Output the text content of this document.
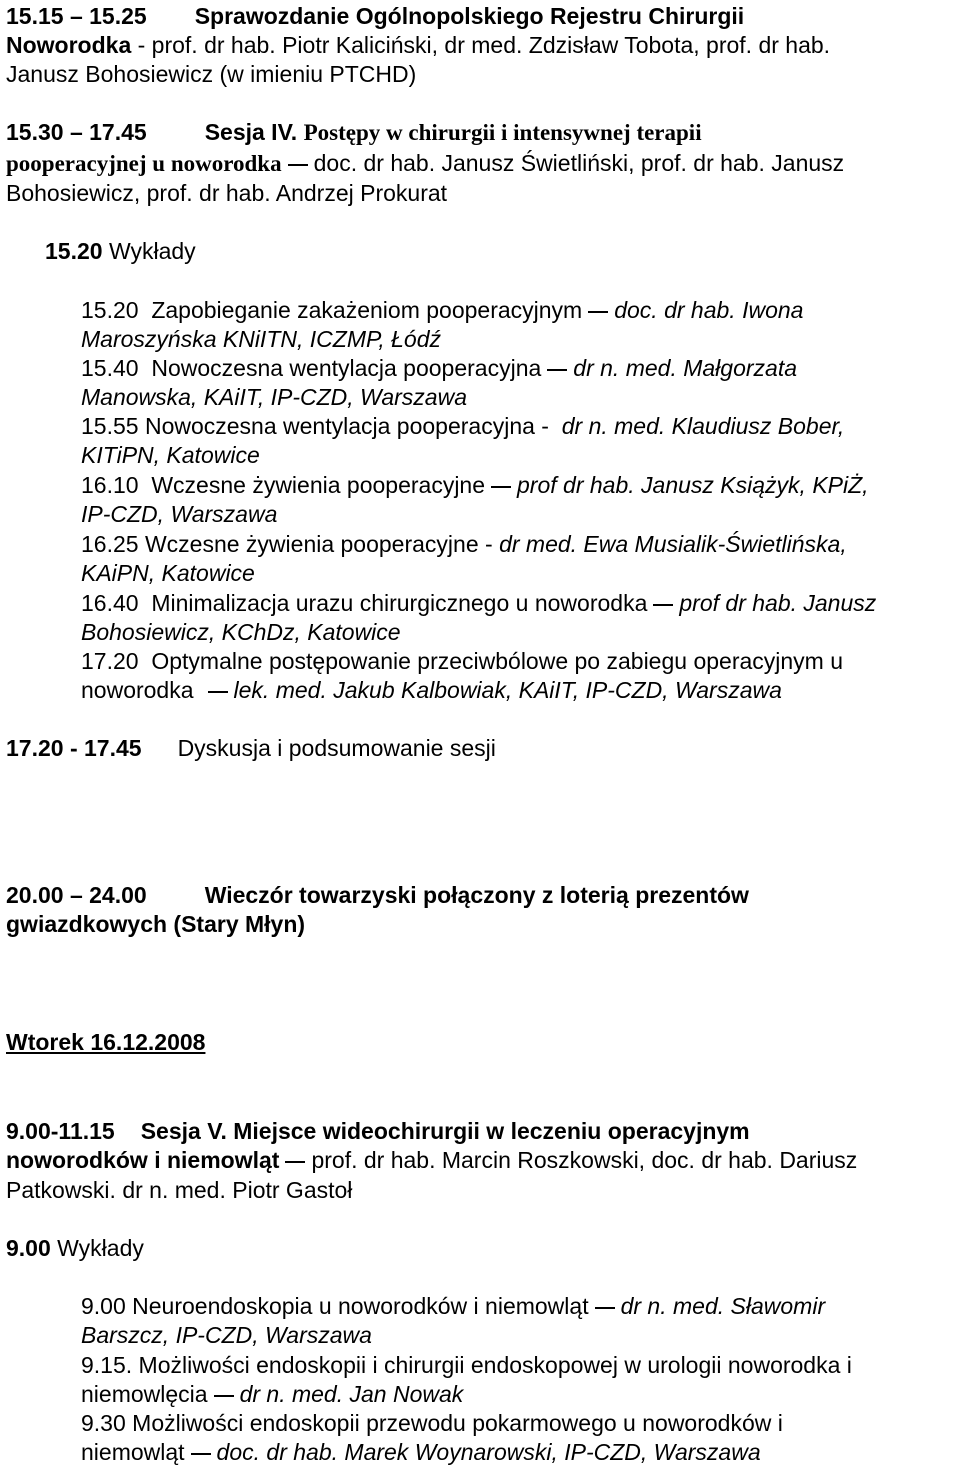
15.15 – 15.25 Sprawozdanie Ogólnopolskiego Rejestru Chirurgii
Noworodka - prof. dr hab. Piotr Kaliciński, dr med. Zdzisław Tobota, prof. dr hab.
Janusz Bohosiewicz (w imieniu PTCHD)
15.30 – 17.45	Sesja IV. Postępy w chirurgii i intensywnej terapii
pooperacyjnej u noworodka doc. dr hab. Janusz Świetliński, prof. dr hab. Janusz
Bohosiewicz, prof. dr hab. Andrzej Prokurat
15.20 Wykłady
15.20 Zapobieganie zakażeniom pooperacyjnym doc. dr hab. Iwona
Maroszyńska KNiITN, ICZMP, Łódź
15.40 Nowoczesna wentylacja pooperacyjna dr n. med. Małgorzata
Manowska, KAiIT, IP-CZD, Warszawa
15.55 Nowoczesna wentylacja pooperacyjna - dr n. med. Klaudiusz Bober,
KITiPN, Katowice
16.10 Wczesne żywienia pooperacyjne prof dr hab. Janusz Książyk, KPiŻ,
IP-CZD, Warszawa
16.25 Wczesne żywienia pooperacyjne - dr med. Ewa Musialik-Świetlińska,
KAiPN, Katowice
16.40 Minimalizacja urazu chirurgicznego u noworodka prof dr hab. Janusz
Bohosiewicz, KChDz, Katowice
17.20 Optymalne postępowanie przeciwbólowe po zabiegu operacyjnym u
noworodka lek. med. Jakub Kalbowiak, KAiIT, IP-CZD, Warszawa
17.20 - 17.45 Dyskusja i podsumowanie sesji
20.00 – 24.00	Wieczór towarzyski połączony z loterią prezentów
gwiazdkowych (Stary Młyn)
Wtorek 16.12.2008
9.00-11.15 Sesja V. Miejsce wideochirurgii w leczeniu operacyjnym
noworodków i niemowląt prof. dr hab. Marcin Roszkowski, doc. dr hab. Dariusz
Patkowski. dr n. med. Piotr Gastoł
9.00 Wykłady
9.00 Neuroendoskopia u noworodków i niemowląt dr n. med. Sławomir
Barszcz, IP-CZD, Warszawa
9.15. Możliwości endoskopii i chirurgii endoskopowej w urologii noworodka i
niemowlęcia dr n. med. Jan Nowak
9.30 Możliwości endoskopii przewodu pokarmowego u noworodków i
niemowląt doc. dr hab. Marek Woynarowski, IP-CZD, Warszawa
